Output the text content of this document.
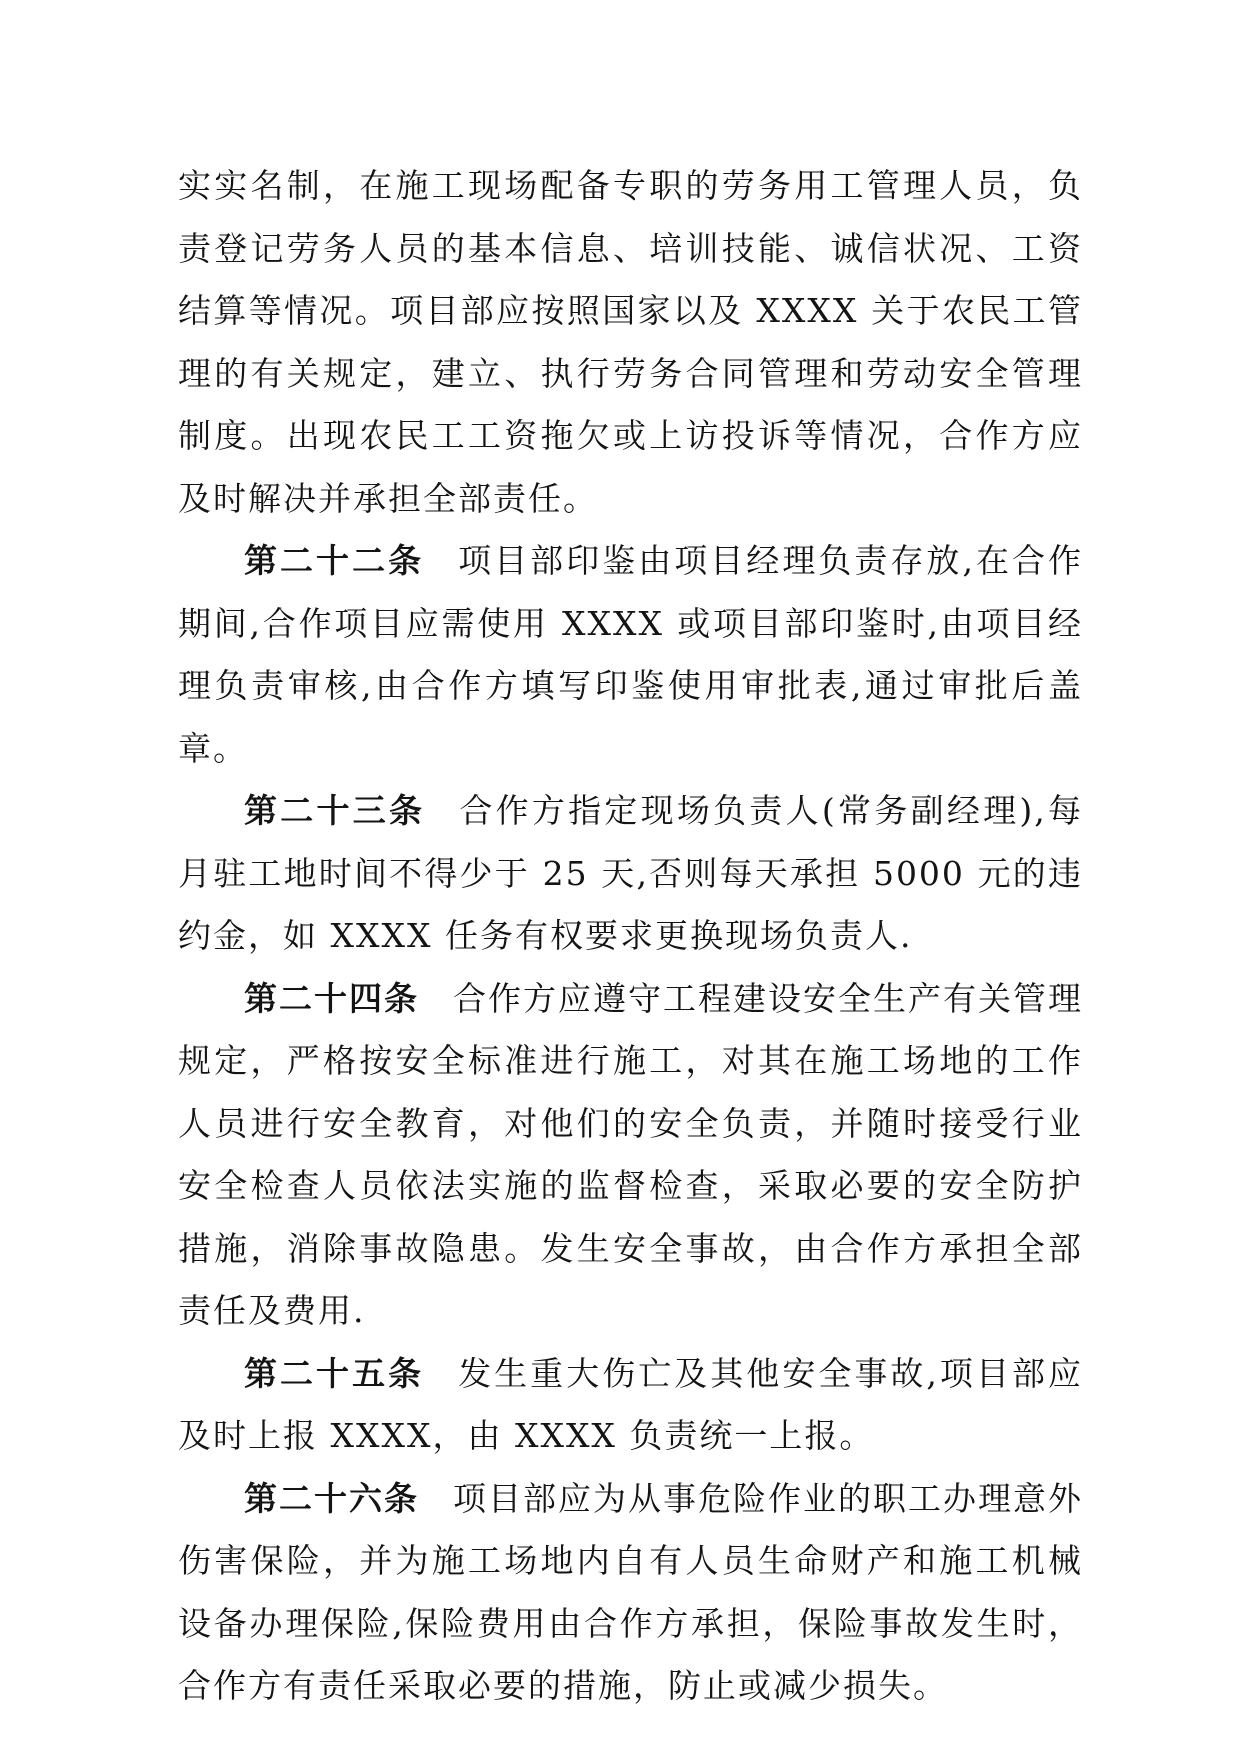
实实名制，在施工现场配备专职的劳务用工管理人员，负责登记劳务人员的基本信息、培训技能、诚信状况、工资结算等情况。项目部应按照国家以及 XXXX 关于农民工管理的有关规定，建立、执行劳务合同管理和劳动安全管理制度。出现农民工工资拖欠或上访投诉等情况，合作方应及时解决并承担全部责任。

第二十二条 项目部印鉴由项目经理负责存放,在合作期间,合作项目应需使用 XXXX 或项目部印鉴时,由项目经理负责审核,由合作方填写印鉴使用审批表,通过审批后盖章。

第二十三条 合作方指定现场负责人(常务副经理),每月驻工地时间不得少于 25 天,否则每天承担 5000 元的违约金，如 XXXX 任务有权要求更换现场负责人.

第二十四条 合作方应遵守工程建设安全生产有关管理规定，严格按安全标准进行施工，对其在施工场地的工作人员进行安全教育，对他们的安全负责，并随时接受行业安全检查人员依法实施的监督检查，采取必要的安全防护措施，消除事故隐患。发生安全事故，由合作方承担全部责任及费用.

第二十五条 发生重大伤亡及其他安全事故,项目部应及时上报 XXXX，由 XXXX 负责统一上报。

第二十六条 项目部应为从事危险作业的职工办理意外伤害保险，并为施工场地内自有人员生命财产和施工机械设备办理保险,保险费用由合作方承担，保险事故发生时，合作方有责任采取必要的措施，防止或减少损失。
